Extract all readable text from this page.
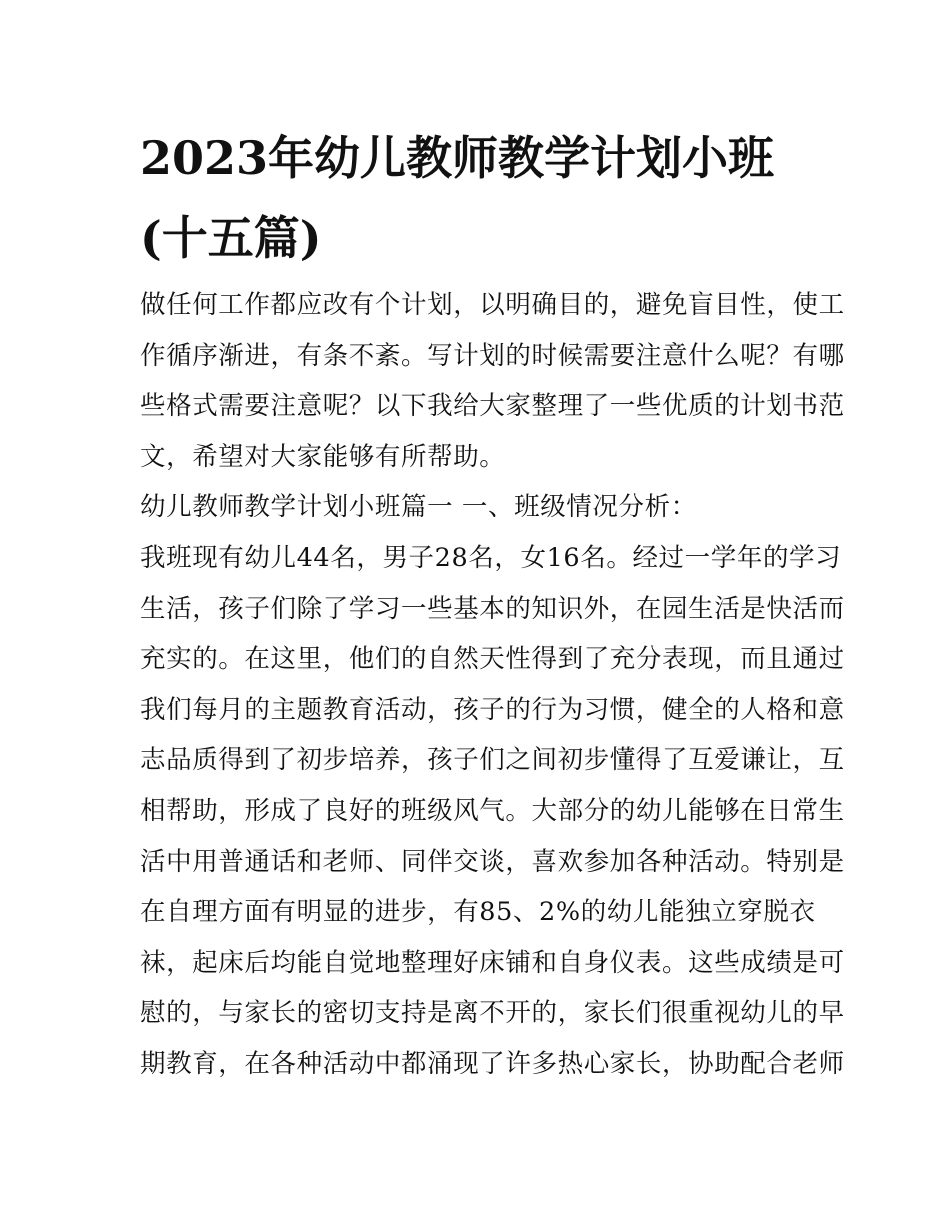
2023年幼儿教师教学计划小班
(十五篇)
做任何工作都应改有个计划，以明确目的，避免盲目性，使工
作循序渐进，有条不紊。写计划的时候需要注意什么呢？有哪
些格式需要注意呢？以下我给大家整理了一些优质的计划书范
文，希望对大家能够有所帮助。
幼儿教师教学计划小班篇一 一、班级情况分析：
我班现有幼儿44名，男子28名，女16名。经过一学年的学习
生活，孩子们除了学习一些基本的知识外，在园生活是快活而
充实的。在这里，他们的自然天性得到了充分表现，而且通过
我们每月的主题教育活动，孩子的行为习惯，健全的人格和意
志品质得到了初步培养，孩子们之间初步懂得了互爱谦让，互
相帮助，形成了良好的班级风气。大部分的幼儿能够在日常生
活中用普通话和老师、同伴交谈，喜欢参加各种活动。特别是
在自理方面有明显的进步，有85、2%的幼儿能独立穿脱衣
袜，起床后均能自觉地整理好床铺和自身仪表。这些成绩是可
慰的，与家长的密切支持是离不开的，家长们很重视幼儿的早
期教育，在各种活动中都涌现了许多热心家长，协助配合老师
